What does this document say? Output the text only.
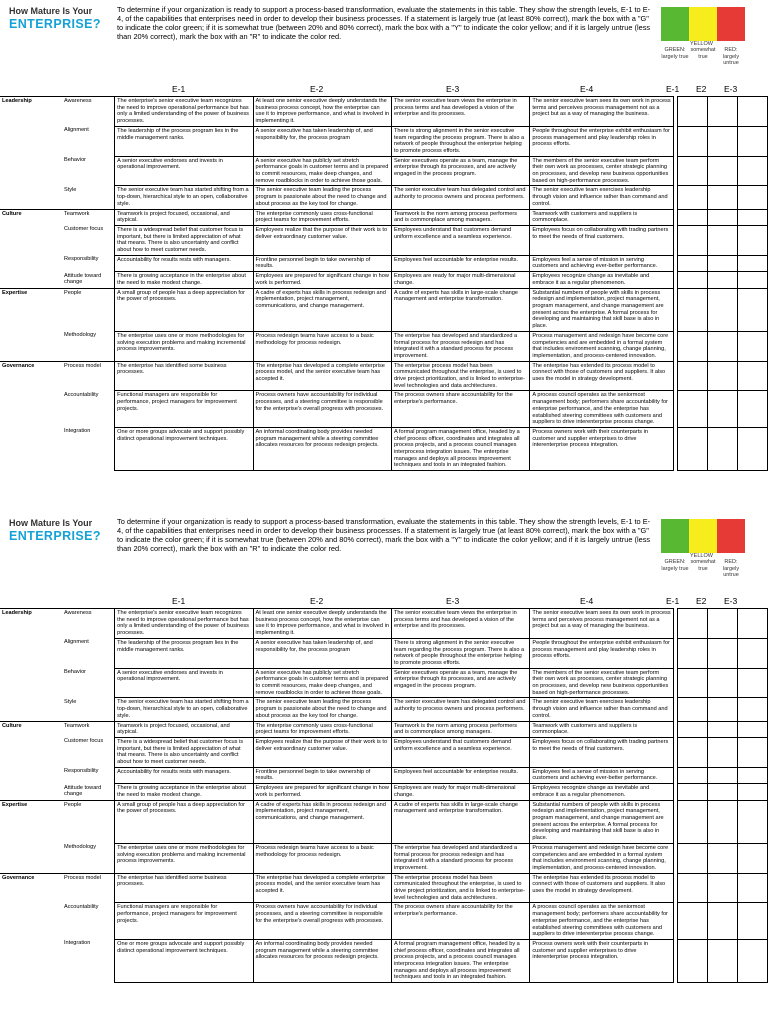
How Mature Is Your
ENTERPRISE?
To determine if your organization is ready to support a process-based transformation, evaluate the statements in this table. They show the strength levels, E-1 to E-4, of the capabilities that enterprises need in order to develop their business processes. If a statement is largely true (at least 80% correct), mark the box with a "G" to indicate the color green; if it is somewhat true (between 20% and 80% correct), mark the box with a "Y" to indicate the color yellow; and if it is largely untrue (less than 20% correct), mark the box with an "R" to indicate the color red.
YELLOW
GREEN: largely true
somewhat true
RED: largely untrue
E-1	E-2	E-3	E-4	E-1 E2 E-3
Leadership	Awareness	The enterprise's senior executive team recognizes the need to improve operational performance but has only a limited understanding of the power of business processes.	At least one senior executive deeply understands the business process concept, how the enterprise can use it to improve performance, and what is involved in implementing it.	The senior executive team views the enterprise in process terms and has developed a vision of the enterprise and its processes.	The senior executive team sees its own work in process terms and perceives process management not as a project but as a way of managing the business.				
	Alignment	The leadership of the process program lies in the middle management ranks.	A senior executive has taken leadership of, and responsibility for, the process program	There is strong alignment in the senior executive team regarding the process program. There is also a network of people throughout the enterprise helping to promote process efforts.	People throughout the enterprise exhibit enthusiasm for process management and play leadership roles in process efforts.				
	Behavior	A senior executive endorses and invests in operational improvement.	A senior executive has publicly set stretch performance goals in customer terms and is prepared to commit resources, make deep changes, and remove roadblocks in order to achieve those goals.	Senior executives operate as a team, manage the enterprise through its processes, and are actively engaged in the process program.	The members of the senior executive team perform their own work as processes, center strategic planning on processes, and develop new business opportunities based on high-performance processes.				
	Style	The senior executive team has started shifting from a top-down, hierarchical style to an open, collaborative style.	The senior executive team leading the process program is passionate about the need to change and about process as the key tool for change.	The senior executive team has delegated control and authority to process owners and process performers.	The senior executive team exercises leadership through vision and influence rather than command and control.				
Culture	Teamwork	Teamwork is project focused, occasional, and atypical.	The enterprise commonly uses cross-functional project teams for improvement efforts.	Teamwork is the norm among process performers and is commonplace among managers.	Teamwork with customers and suppliers is commonplace.				
	Customer focus	There is a widespread belief that customer focus is important, but there is limited appreciation of what that means. There is also uncertainty and conflict about how to meet customer needs.	Employees realize that the purpose of their work is to deliver extraordinary customer value.	Employees understand that customers demand uniform excellence and a seamless experience.	Employees focus on collaborating with trading partners to meet the needs of final customers.				
	Responsibility	Accountability for results rests with managers.	Frontline personnel begin to take ownership of results.	Employees feel accountable for enterprise results.	Employees feel a sense of mission in serving customers and achieving ever-better performance.				
	Attitude toward change	There is growing acceptance in the enterprise about the need to make modest change.	Employees are prepared for significant change in how work is performed.	Employees are ready for major multi-dimensional change.	Employees recognize change as inevitable and embrace it as a regular phenomenon.				
Expertise	People	A small group of people has a deep appreciation for the power of processes.	A cadre of experts has skills in process redesign and implementation, project management, communications, and change management.	A cadre of experts has skills in large-scale change management and enterprise transformation.	Substantial numbers of people with skills in process redesign and implementation, project management, program management, and change management are present across the enterprise. A formal process for developing and maintaining that skill base is also in place.				
	Methodology	The enterprise uses one or more methodologies for solving execution problems and making incremental process improvements.	Process redesign teams have access to a basic methodology for process redesign.	The enterprise has developed and standardized a formal process for process redesign and has integrated it with a standard process for process improvement.	Process management and redesign have become core competencies and are embedded in a formal system that includes environment scanning, change planning, implementation, and process-centered innovation.				
Governance	Process model	The enterprise has identified some business processes.	The enterprise has developed a complete enterprise process model, and the senior executive team has accepted it.	The enterprise process model has been communicated throughout the enterprise, is used to drive project prioritization, and is linked to enterprise-level technologies and data architectures.	The enterprise has extended its process model to connect with those of customers and suppliers. It also uses the model in strategy development.				
	Accountability	Functional managers are responsible for performance, project managers for improvement projects.	Process owners have accountability for individual processes, and a steering committee is responsible for the enterprise's overall progress with processes.	The process owners share accountability for the enterprise's performance.	A process council operates as the seniormost management body; performers share accountability for enterprise performance, and the enterprise has established steering committees with customers and suppliers to drive interenterprise process change.				
	Integration	One or more groups advocate and support possibly distinct operational improvement techniques.	An informal coordinating body provides needed program management while a steering committee allocates resources for process redesign projects.	A formal program management office, headed by a chief process officer, coordinates and integrates all process projects, and a process council manages interprocess integration issues. The enterprise manages and deploys all process improvement techniques and tools in an integrated fashion.	Process owners work with their counterparts in customer and supplier enterprises to drive interenterprise process integration.				
How Mature Is Your
ENTERPRISE?
To determine if your organization is ready to support a process-based transformation, evaluate the statements in this table. They show the strength levels, E-1 to E-4, of the capabilities that enterprises need in order to develop their business processes. If a statement is largely true (at least 80% correct), mark the box with a "G" to indicate the color green; if it is somewhat true (between 20% and 80% correct), mark the box with a "Y" to indicate the color yellow; and if it is largely untrue (less than 20% correct), mark the box with an "R" to indicate the color red.
YELLOW
GREEN: largely true
somewhat true
RED: largely untrue
E-1	E-2	E-3	E-4	E-1 E2 E-3
Leadership	Awareness	The enterprise's senior executive team recognizes the need to improve operational performance but has only a limited understanding of the power of business processes.	At least one senior executive deeply understands the business process concept, how the enterprise can use it to improve performance, and what is involved in implementing it.	The senior executive team views the enterprise in process terms and has developed a vision of the enterprise and its processes.	The senior executive team sees its own work in process terms and perceives process management not as a project but as a way of managing the business.				
	Alignment	The leadership of the process program lies in the middle management ranks.	A senior executive has taken leadership of, and responsibility for, the process program	There is strong alignment in the senior executive team regarding the process program. There is also a network of people throughout the enterprise helping to promote process efforts.	People throughout the enterprise exhibit enthusiasm for process management and play leadership roles in process efforts.				
	Behavior	A senior executive endorses and invests in operational improvement.	A senior executive has publicly set stretch performance goals in customer terms and is prepared to commit resources, make deep changes, and remove roadblocks in order to achieve those goals.	Senior executives operate as a team, manage the enterprise through its processes, and are actively engaged in the process program.	The members of the senior executive team perform their own work as processes, center strategic planning on processes, and develop new business opportunities based on high-performance processes.				
	Style	The senior executive team has started shifting from a top-down, hierarchical style to an open, collaborative style.	The senior executive team leading the process program is passionate about the need to change and about process as the key tool for change.	The senior executive team has delegated control and authority to process owners and process performers.	The senior executive team exercises leadership through vision and influence rather than command and control.				
Culture	Teamwork	Teamwork is project focused, occasional, and atypical.	The enterprise commonly uses cross-functional project teams for improvement efforts.	Teamwork is the norm among process performers and is commonplace among managers.	Teamwork with customers and suppliers is commonplace.				
	Customer focus	There is a widespread belief that customer focus is important, but there is limited appreciation of what that means. There is also uncertainty and conflict about how to meet customer needs.	Employees realize that the purpose of their work is to deliver extraordinary customer value.	Employees understand that customers demand uniform excellence and a seamless experience.	Employees focus on collaborating with trading partners to meet the needs of final customers.				
	Responsibility	Accountability for results rests with managers.	Frontline personnel begin to take ownership of results.	Employees feel accountable for enterprise results.	Employees feel a sense of mission in serving customers and achieving ever-better performance.				
	Attitude toward change	There is growing acceptance in the enterprise about the need to make modest change.	Employees are prepared for significant change in how work is performed.	Employees are ready for major multi-dimensional change.	Employees recognize change as inevitable and embrace it as a regular phenomenon.				
Expertise	People	A small group of people has a deep appreciation for the power of processes.	A cadre of experts has skills in process redesign and implementation, project management, communications, and change management.	A cadre of experts has skills in large-scale change management and enterprise transformation.	Substantial numbers of people with skills in process redesign and implementation, project management, program management, and change management are present across the enterprise. A formal process for developing and maintaining that skill base is also in place.				
	Methodology	The enterprise uses one or more methodologies for solving execution problems and making incremental process improvements.	Process redesign teams have access to a basic methodology for process redesign.	The enterprise has developed and standardized a formal process for process redesign and has integrated it with a standard process for process improvement.	Process management and redesign have become core competencies and are embedded in a formal system that includes environment scanning, change planning, implementation, and process-centered innovation.				
Governance	Process model	The enterprise has identified some business processes.	The enterprise has developed a complete enterprise process model, and the senior executive team has accepted it.	The enterprise process model has been communicated throughout the enterprise, is used to drive project prioritization, and is linked to enterprise-level technologies and data architectures.	The enterprise has extended its process model to connect with those of customers and suppliers. It also uses the model in strategy development.				
	Accountability	Functional managers are responsible for performance, project managers for improvement projects.	Process owners have accountability for individual processes, and a steering committee is responsible for the enterprise's overall progress with processes.	The process owners share accountability for the enterprise's performance.	A process council operates as the seniormost management body; performers share accountability for enterprise performance, and the enterprise has established steering committees with customers and suppliers to drive interenterprise process change.				
	Integration	One or more groups advocate and support possibly distinct operational improvement techniques.	An informal coordinating body provides needed program management while a steering committee allocates resources for process redesign projects.	A formal program management office, headed by a chief process officer, coordinates and integrates all process projects, and a process council manages interprocess integration issues. The enterprise manages and deploys all process improvement techniques and tools in an integrated fashion.	Process owners work with their counterparts in customer and supplier enterprises to drive interenterprise process integration.				
